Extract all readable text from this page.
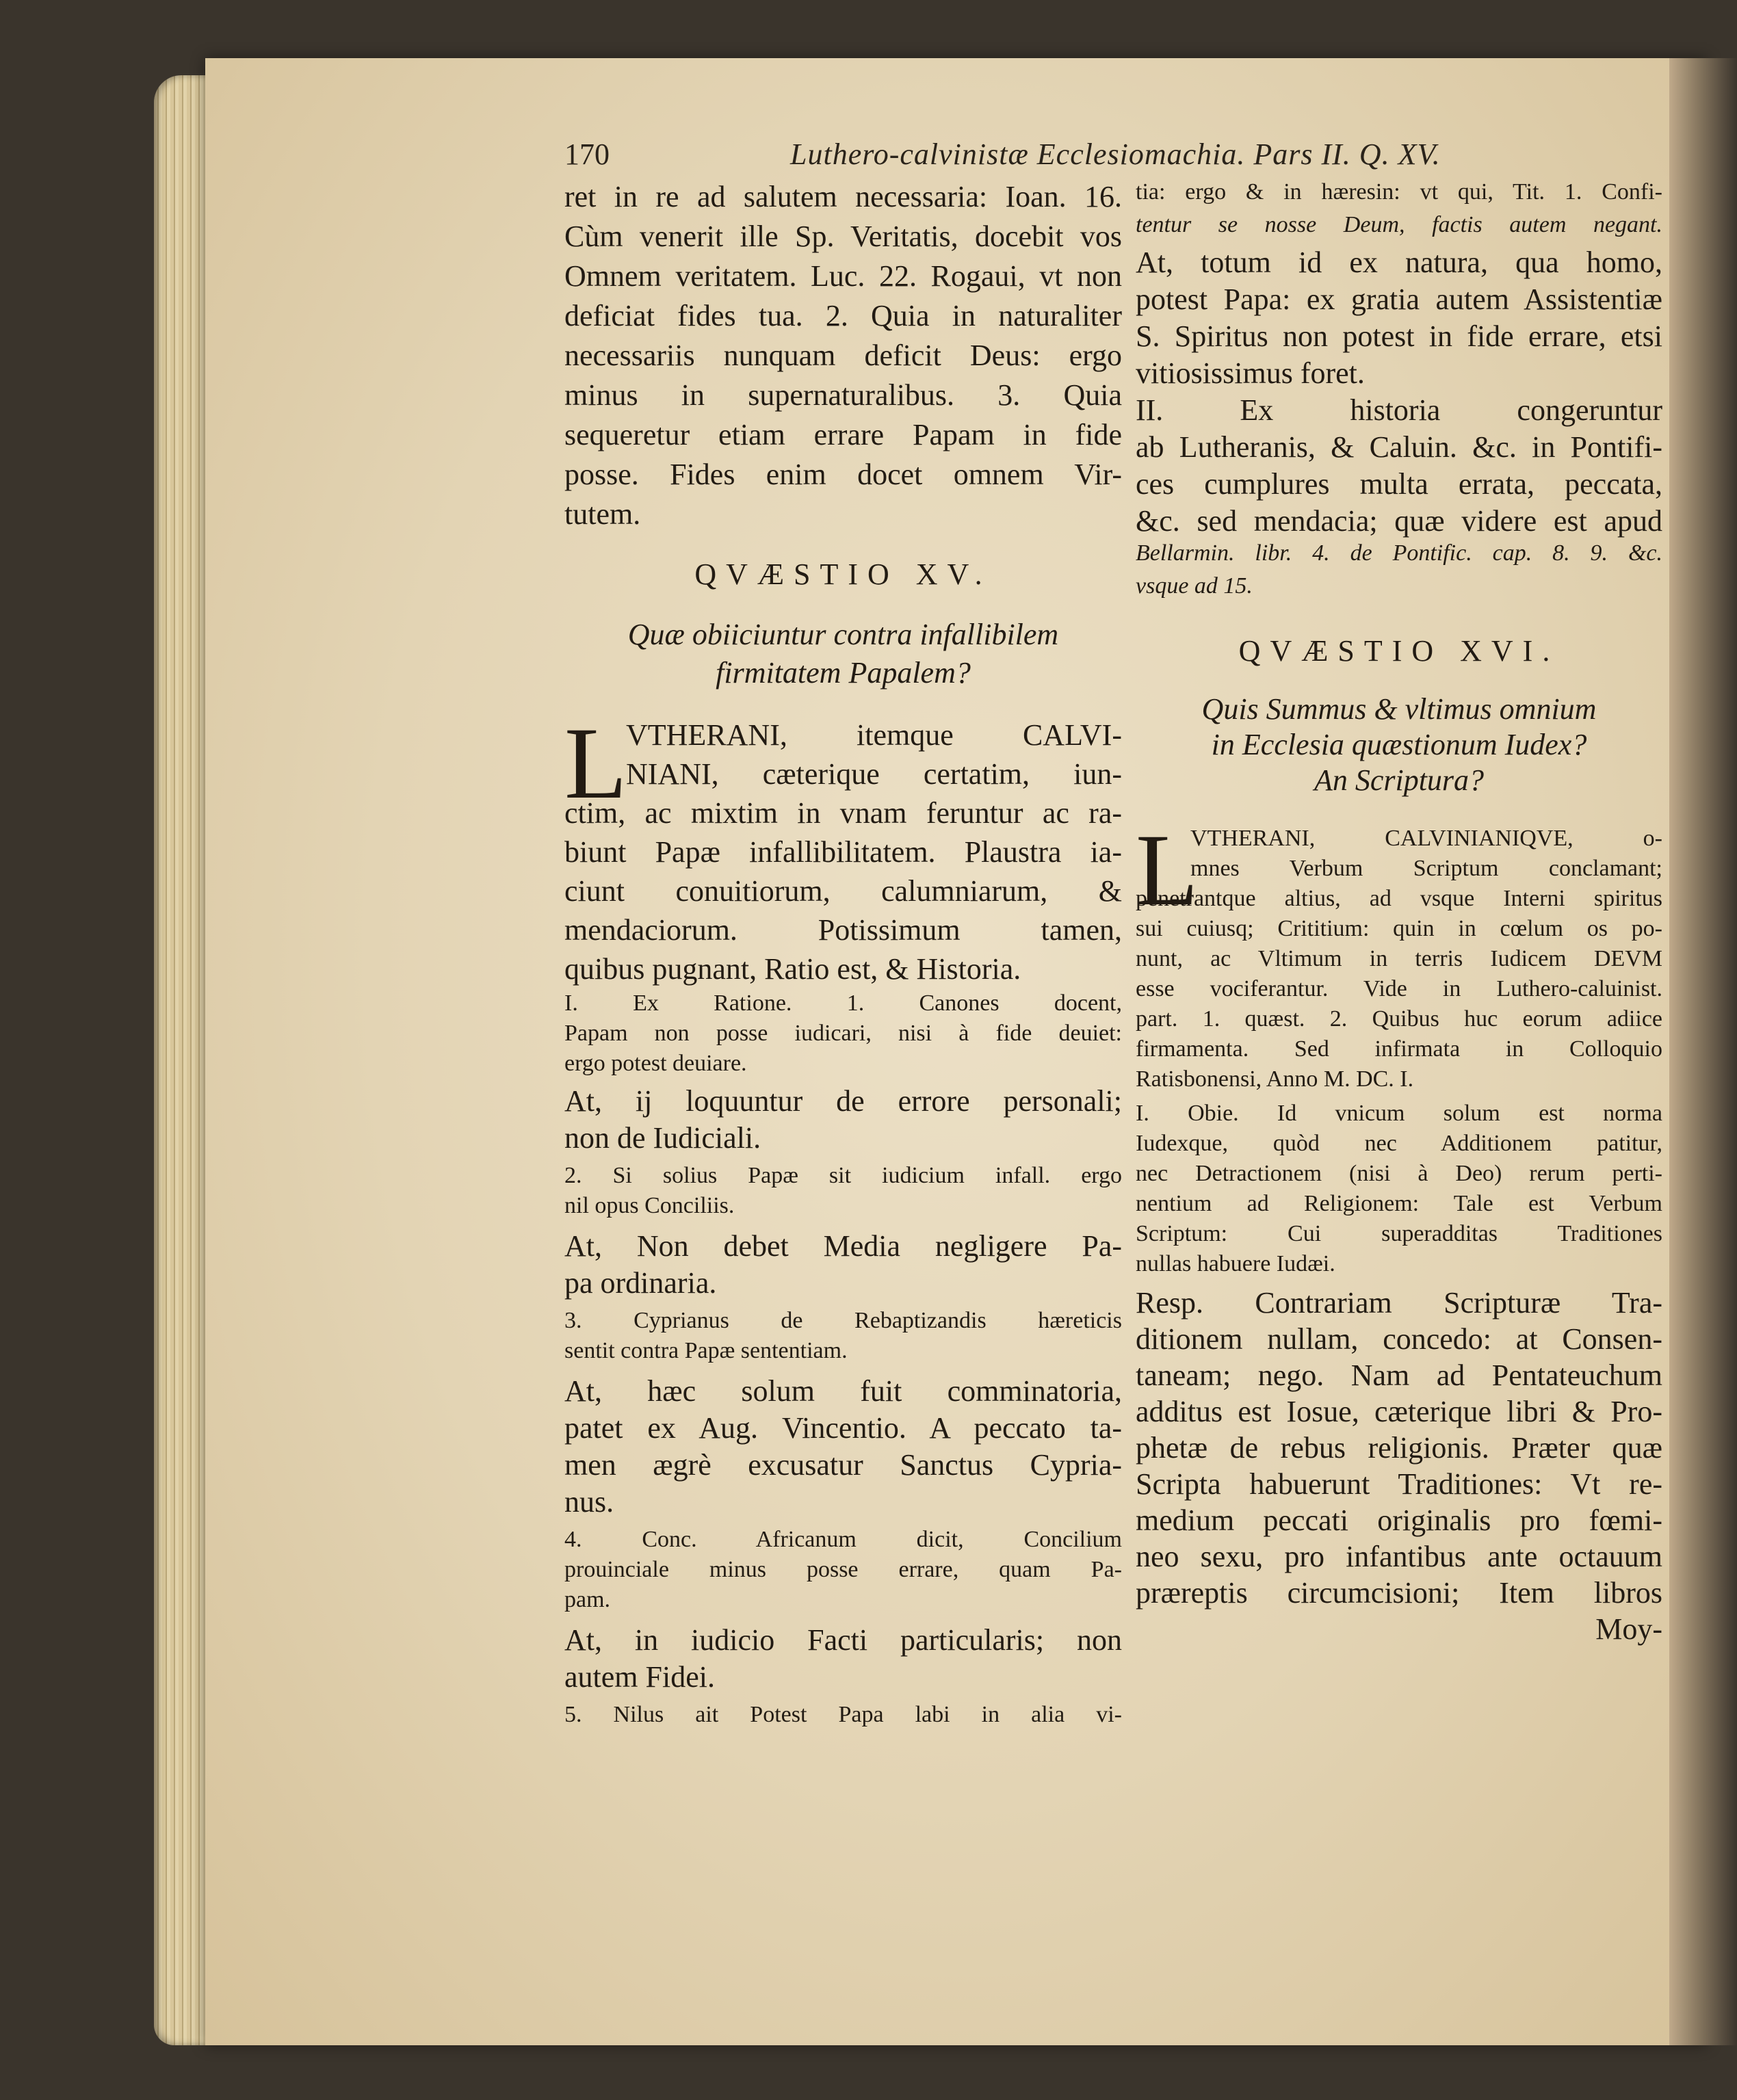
170	Luthero-calvinistæ Ecclesiomachia. Pars II. Q. XV.
ret in re ad salutem necessaria: Ioan. 16.
Cùm venerit ille Sp. Veritatis, docebit vos
Omnem veritatem. Luc. 22. Rogaui, vt non
deficiat fides tua. 2. Quia in naturaliter
necessariis nunquam deficit Deus: ergo
minus in supernaturalibus. 3. Quia
sequeretur etiam errare Papam in fide
posse. Fides enim docet omnem Vir-
tutem.
QVÆSTIO XV.
Quæ obiiciuntur contra infallibilem
firmitatem Papalem?
L
VTHERANI, itemque CALVI-
NIANI, cæterique certatim, iun-
ctim, ac mixtim in vnam feruntur ac ra-
biunt Papæ infallibilitatem. Plaustra ia-
ciunt conuitiorum, calumniarum, &
mendaciorum. Potissimum tamen,
quibus pugnant, Ratio est, & Historia.
I. Ex Ratione. 1. Canones docent,
Papam non posse iudicari, nisi à fide deuiet:
ergo potest deuiare.
At, ij loquuntur de errore personali;
non de Iudiciali.
2. Si solius Papæ sit iudicium infall. ergo
nil opus Conciliis.
At, Non debet Media negligere Pa-
pa ordinaria.
3. Cyprianus de Rebaptizandis hæreticis
sentit contra Papæ sententiam.
At, hæc solum fuit comminatoria,
patet ex Aug. Vincentio. A peccato ta-
men ægrè excusatur Sanctus Cypria-
nus.
4. Conc. Africanum dicit, Concilium
prouinciale minus posse errare, quam Pa-
pam.
At, in iudicio Facti particularis; non
autem Fidei.
5. Nilus ait Potest Papa labi in alia vi-
tia: ergo & in hæresin: vt qui, Tit. 1. Confi-
tentur se nosse Deum, factis autem negant.
At, totum id ex natura, qua homo,
potest Papa: ex gratia autem Assistentiæ
S. Spiritus non potest in fide errare, etsi
vitiosissimus foret.
II. Ex historia congeruntur
ab Lutheranis, & Caluin. &c. in Pontifi-
ces cumplures multa errata, peccata,
&c. sed mendacia; quæ videre est apud
Bellarmin. libr. 4. de Pontific. cap. 8. 9. &c.
vsque ad 15.
QVÆSTIO XVI.
Quis Summus & vltimus omnium
in Ecclesia quæstionum Iudex?
An Scriptura?
L
VTHERANI, CALVINIANIQVE, o-
mnes Verbum Scriptum conclamant;
penetrantque altius, ad vsque Interni spiritus
sui cuiusq; Crititium: quin in cœlum os po-
nunt, ac Vltimum in terris Iudicem DEVM
esse vociferantur. Vide in Luthero-caluinist.
part. 1. quæst. 2. Quibus huc eorum adiice
firmamenta. Sed infirmata in Colloquio
Ratisbonensi, Anno M. DC. I.
I. Obie. Id vnicum solum est norma
Iudexque, quòd nec Additionem patitur,
nec Detractionem (nisi à Deo) rerum perti-
nentium ad Religionem: Tale est Verbum
Scriptum: Cui superadditas Traditiones
nullas habuere Iudæi.
Resp. Contrariam Scripturæ Tra-
ditionem nullam, concedo: at Consen-
taneam; nego. Nam ad Pentateuchum
additus est Iosue, cæterique libri & Pro-
phetæ de rebus religionis. Præter quæ
Scripta habuerunt Traditiones: Vt re-
medium peccati originalis pro fœmi-
neo sexu, pro infantibus ante octauum
præreptis circumcisioni; Item libros
Moy-
